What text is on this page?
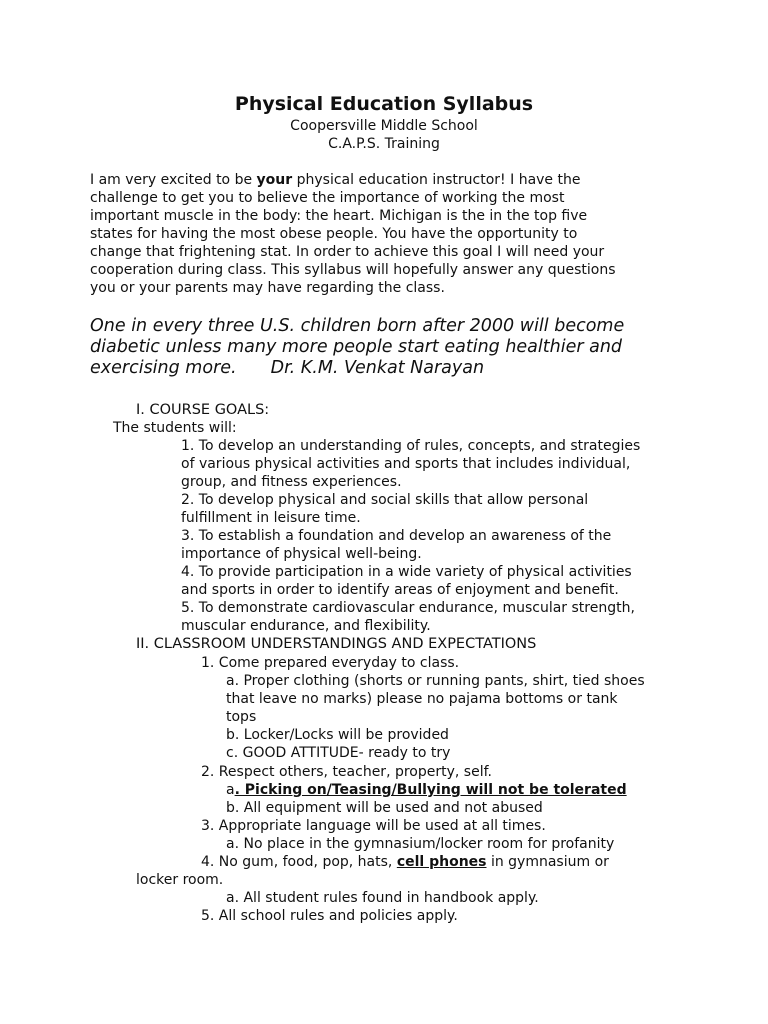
Physical Education Syllabus
Coopersville Middle School
C.A.P.S. Training

I am very excited to be your physical education instructor! I have the

challenge to get you to believe the importance of working the most

important muscle in the body: the heart. Michigan is the in the top five

states for having the most obese people. You have the opportunity to

change that frightening stat. In order to achieve this goal I will need your

cooperation during class. This syllabus will hopefully answer any questions

you or your parents may have regarding the class.

One in every three U.S. children born after 2000 will become

diabetic unless many more people start eating healthier and

exercising more. Dr. K.M. Venkat Narayan

I. COURSE GOALS:

The students will:

1. To develop an understanding of rules, concepts, and strategies

of various physical activities and sports that includes individual,

group, and fitness experiences.

2. To develop physical and social skills that allow personal

fulfillment in leisure time.

3. To establish a foundation and develop an awareness of the

importance of physical well-being.

4. To provide participation in a wide variety of physical activities

and sports in order to identify areas of enjoyment and benefit.

5. To demonstrate cardiovascular endurance, muscular strength,

muscular endurance, and flexibility.

II. CLASSROOM UNDERSTANDINGS AND EXPECTATIONS

1. Come prepared everyday to class.

a. Proper clothing (shorts or running pants, shirt, tied shoes

that leave no marks) please no pajama bottoms or tank

tops

b. Locker/Locks will be provided

c. GOOD ATTITUDE- ready to try

2. Respect others, teacher, property, self.

a. Picking on/Teasing/Bullying will not be tolerated

b. All equipment will be used and not abused

3. Appropriate language will be used at all times.

a. No place in the gymnasium/locker room for profanity

4. No gum, food, pop, hats, cell phones in gymnasium or

locker room.

a. All student rules found in handbook apply.

5. All school rules and policies apply.
